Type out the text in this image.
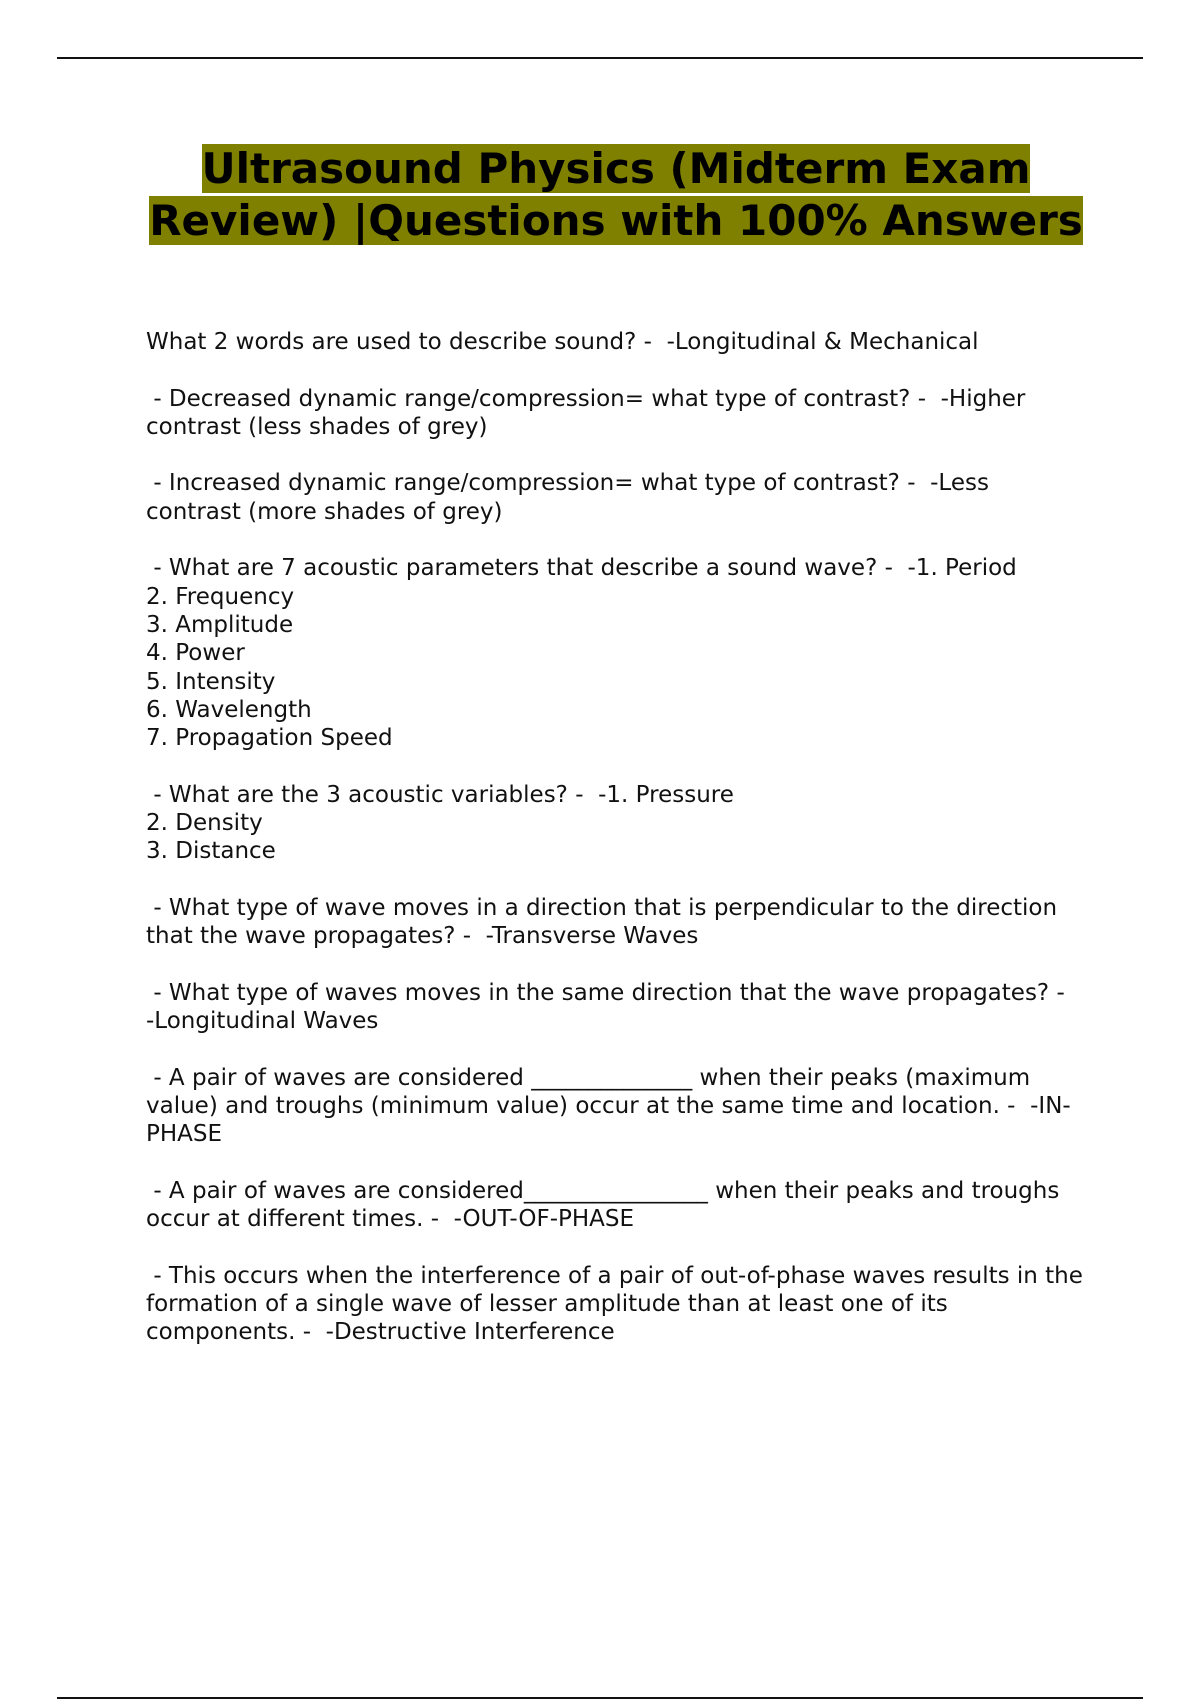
Ultrasound Physics (Midterm Exam Review) |Questions with 100% Answers

What 2 words are used to describe sound? -  -Longitudinal & Mechanical

- Decreased dynamic range/compression= what type of contrast? -  -Higher contrast (less shades of grey)

- Increased dynamic range/compression= what type of contrast? -  -Less contrast (more shades of grey)

- What are 7 acoustic parameters that describe a sound wave? -  -1. Period
2. Frequency
3. Amplitude
4. Power
5. Intensity
6. Wavelength
7. Propagation Speed

- What are the 3 acoustic variables? -  -1. Pressure
2. Density
3. Distance

- What type of wave moves in a direction that is perpendicular to the direction that the wave propagates? -  -Transverse Waves

- What type of waves moves in the same direction that the wave propagates? -  -Longitudinal Waves

- A pair of waves are considered ______________ when their peaks (maximum value) and troughs (minimum value) occur at the same time and location. -  -IN-PHASE

- A pair of waves are considered________________ when their peaks and troughs occur at different times. -  -OUT-OF-PHASE

- This occurs when the interference of a pair of out-of-phase waves results in the formation of a single wave of lesser amplitude than at least one of its components. -  -Destructive Interference
